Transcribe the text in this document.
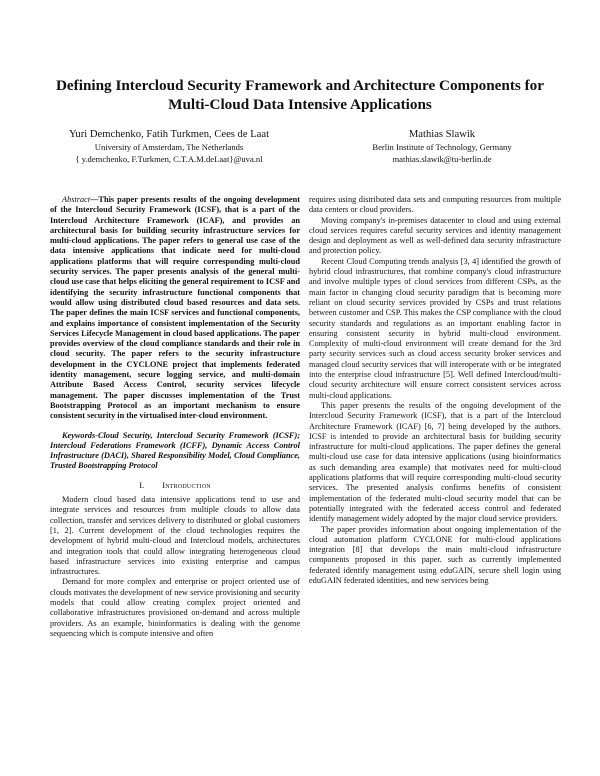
Defining Intercloud Security Framework and Architecture Components for Multi-Cloud Data Intensive Applications
Yuri Demchenko, Fatih Turkmen, Cees de Laat
University of Amsterdam, The Netherlands
{ y.demchenko, F.Turkmen, C.T.A.M.deLaat}@uva.nl
Mathias Slawik
Berlin Institute of Technology, Germany
mathias.slawik@tu-berlin.de

Abstract—This paper presents results of the ongoing development of the Intercloud Security Framework (ICSF), that is a part of the Intercloud Architecture Framework (ICAF), and provides an architectural basis for building security infrastructure services for multi-cloud applications. The paper refers to general use case of the data intensive applications that indicate need for multi-cloud applications platforms that will require corresponding multi-cloud security services. The paper presents analysis of the general multi-cloud use case that helps eliciting the general requirement to ICSF and identifying the security infrastructure functional components that would allow using distributed cloud based resources and data sets. The paper defines the main ICSF services and functional components, and explains importance of consistent implementation of the Security Services Lifecycle Management in cloud based applications. The paper provides overview of the cloud compliance standards and their role in cloud security. The paper refers to the security infrastructure development in the CYCLONE project that implements federated identity management, secure logging service, and multi-domain Attribute Based Access Control, security services lifecycle management. The paper discusses implementation of the Trust Bootstrapping Protocol as an important mechanism to ensure consistent security in the virtualised inter-cloud environment.

Keywords-Cloud Security, Intercloud Security Framework (ICSF); Intercloud Federations Framework (ICFF), Dynamic Access Control Infrastructure (DACI), Shared Responsibility Model, Cloud Compliance, Trusted Bootstrapping Protocol

I. Introduction

Modern cloud based data intensive applications tend to use and integrate services and resources from multiple clouds to allow data collection, transfer and services delivery to distributed or global customers [1, 2]. Current development of the cloud technologies requires the development of hybrid multi-cloud and Intercloud models, architectures and integration tools that could allow integrating heterogeneous cloud based infrastructure services into existing enterprise and campus infrastructures.

Demand for more complex and enterprise or project oriented use of clouds motivates the development of new service provisioning and security models that could allow creating complex project oriented and collaborative infrastructures provisioned on-demand and across multiple providers. As an example, bioinformatics is dealing with the genome sequencing which is compute intensive and often

requires using distributed data sets and computing resources from multiple data centers or cloud providers.

Moving company's in-premises datacenter to cloud and using external cloud services requires careful security services and identity management design and deployment as well as well-defined data security infrastructure and protection policy.

Recent Cloud Computing trends analysis [3, 4] identified the growth of hybrid cloud infrastructures, that combine company's cloud infrastructure and involve multiple types of cloud services from different CSPs, as the main factor in changing cloud security paradigm that is becoming more reliant on cloud security services provided by CSPs and trust relations between customer and CSP. This makes the CSP compliance with the cloud security standards and regulations as an important enabling factor in ensuring consistent security in hybrid multi-cloud environment. Complexity of multi-cloud environment will create demand for the 3rd party security services such as cloud access security broker services and managed cloud security services that will interoperate with or be integrated into the enterprise cloud infrastructure [5]. Well defined Intercloud/multi-cloud security architecture will ensure correct consistent services across multi-cloud applications.

This paper presents the results of the ongoing development of the Intercloud Security Framework (ICSF), that is a part of the Intercloud Architecture Framework (ICAF) [6, 7] being developed by the authors. ICSF is intended to provide an architectural basis for building security infrastructure for multi-cloud applications. The paper defines the general multi-cloud use case for data intensive applications (using bioinformatics as such demanding area example) that motivates need for multi-cloud applications platforms that will require corresponding multi-cloud security services. The presented analysis confirms benefits of consistent implementation of the federated multi-cloud security model that can be potentially integrated with the federated access control and federated identify management widely adopted by the major cloud service providers.

The paper provides information about ongoing implementation of the cloud automation platform CYCLONE for multi-cloud applications integration [8] that develops the main multi-cloud infrastructure components proposed in this paper. such as currently implemented federated identify management using eduGAIN, secure shell login using eduGAIN federated identities, and new services being
